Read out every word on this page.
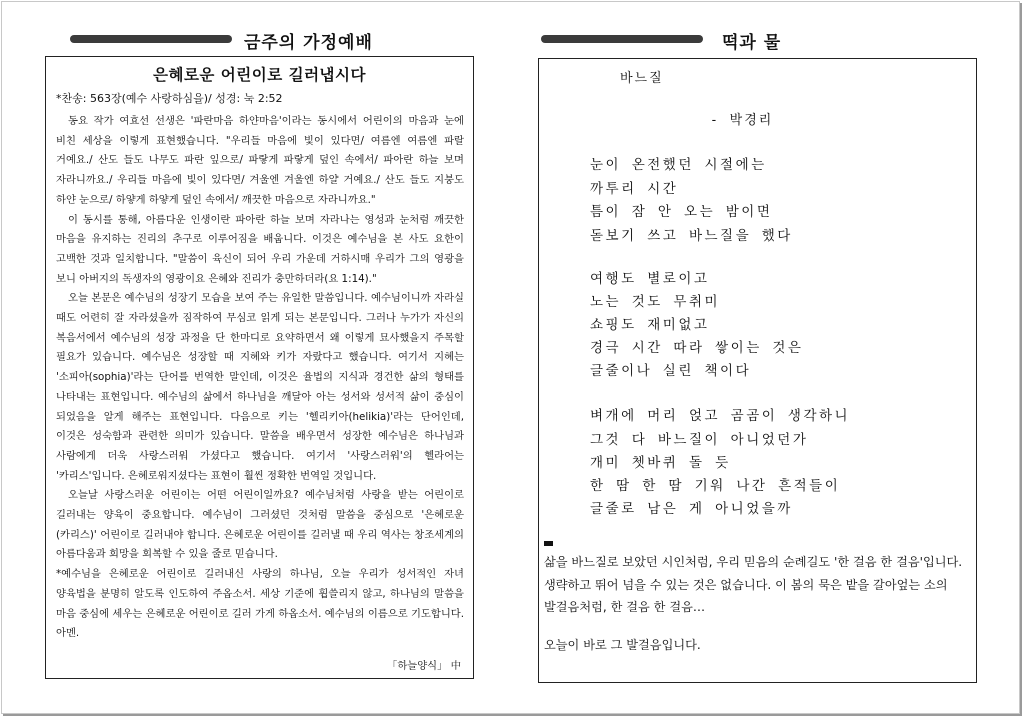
금주의 가정예배	떡과 물
은혜로운 어린이로 길러냅시다
*찬송: 563장(예수 사랑하심을)/ 성경: 눅 2:52

동요 작가 여효선 선생은 '파란마음 하얀마음'이라는 동시에서 어린이의 마음과 눈에 비친 세상을 이렇게 표현했습니다. "우리들 마음에 빛이 있다면/ 여름엔 여름엔 파랄 거예요./ 산도 들도 나무도 파란 잎으로/ 파랗게 파랗게 덮인 속에서/ 파아란 하늘 보며 자라니까요./ 우리들 마음에 빛이 있다면/ 겨울엔 겨울엔 하얄 거예요./ 산도 들도 지붕도 하얀 눈으로/ 하얗게 하얗게 덮인 속에서/ 깨끗한 마음으로 자라니까요."

이 동시를 통해, 아름다운 인생이란 파아란 하늘 보며 자라나는 영성과 눈처럼 깨끗한 마음을 유지하는 진리의 추구로 이루어짐을 배웁니다. 이것은 예수님을 본 사도 요한이 고백한 것과 일치합니다. "말씀이 육신이 되어 우리 가운데 거하시매 우리가 그의 영광을 보니 아버지의 독생자의 영광이요 은혜와 진리가 충만하더라(요 1:14)."

오늘 본문은 예수님의 성장기 모습을 보여 주는 유일한 말씀입니다. 예수님이니까 자라실 때도 어련히 잘 자라셨을까 짐작하여 무심코 읽게 되는 본문입니다. 그러나 누가가 자신의 복음서에서 예수님의 성장 과정을 단 한마디로 요약하면서 왜 이렇게 묘사했을지 주목할 필요가 있습니다. 예수님은 성장할 때 지혜와 키가 자랐다고 했습니다. 여기서 지혜는 '소피아(sophia)'라는 단어를 번역한 말인데, 이것은 율법의 지식과 경건한 삶의 형태를 나타내는 표현입니다. 예수님의 삶에서 하나님을 깨달아 아는 성서와 성서적 삶이 중심이 되었음을 알게 해주는 표현입니다. 다음으로 키는 '헬리키아(helikia)'라는 단어인데, 이것은 성숙함과 관련한 의미가 있습니다. 말씀을 배우면서 성장한 예수님은 하나님과 사람에게 더욱 사랑스러워 가셨다고 했습니다. 여기서 '사랑스러워'의 헬라어는 '카리스'입니다. 은혜로워지셨다는 표현이 훨씬 정확한 번역일 것입니다.

오늘날 사랑스러운 어린이는 어떤 어린이일까요? 예수님처럼 사랑을 받는 어린이로 길러내는 양육이 중요합니다. 예수님이 그러셨던 것처럼 말씀을 중심으로 '은혜로운(카리스)' 어린이로 길러내야 합니다. 은혜로운 어린이를 길러낼 때 우리 역사는 창조세계의 아름다움과 희망을 회복할 수 있을 줄로 믿습니다.

*예수님을 은혜로운 어린이로 길러내신 사랑의 하나님, 오늘 우리가 성서적인 자녀 양육법을 분명히 알도록 인도하여 주옵소서. 세상 기준에 휩쓸리지 않고, 하나님의 말씀을 마음 중심에 세우는 은혜로운 어린이로 길러 가게 하옵소서. 예수님의 이름으로 기도합니다. 아멘.

「하늘양식」 中
바느질
- 박경리
눈이 온전했던 시절에는
까투리 시간
틈이 잠 안 오는 밤이면
돋보기 쓰고 바느질을 했다
여행도 별로이고
노는 것도 무취미
쇼핑도 재미없고
경극 시간 따라 쌓이는 것은
글줄이나 실린 책이다
벼개에 머리 얹고 곰곰이 생각하니
그것 다 바느질이 아니었던가
개미 쳇바퀴 돌 듯
한 땀 한 땀 기워 나간 흔적들이
글줄로 남은 게 아니었을까
삶을 바느질로 보았던 시인처럼, 우리 믿음의 순례길도 '한 걸음 한 걸음'입니다. 생략하고 뛰어 넘을 수 있는 것은 없습니다. 이 봄의 묵은 밭을 갈아엎는 소의 발걸음처럼, 한 걸음 한 걸음…
오늘이 바로 그 발걸음입니다.
